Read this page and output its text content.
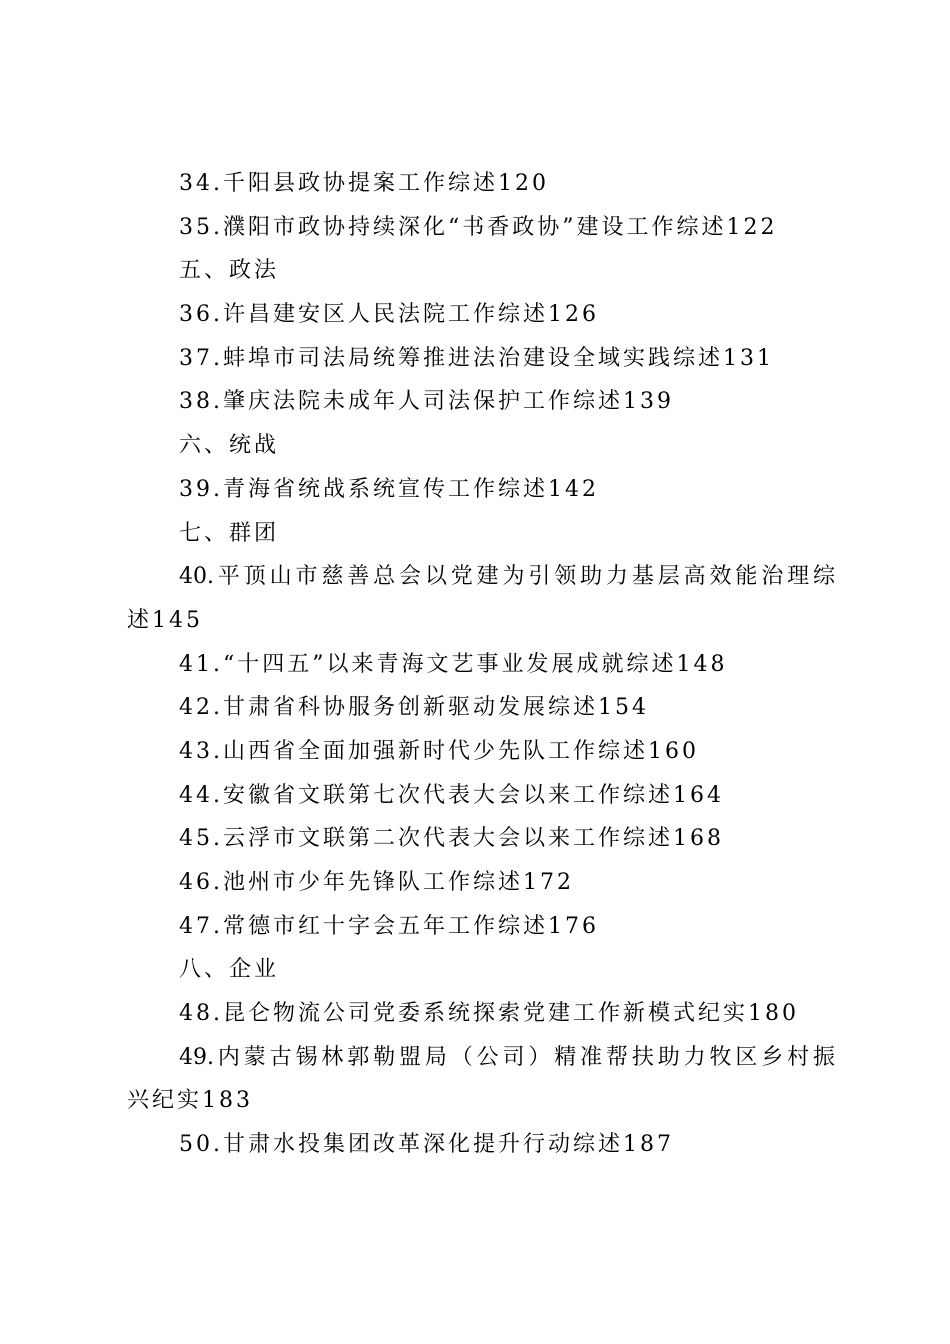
34.千阳县政协提案工作综述120
35.濮阳市政协持续深化“书香政协”建设工作综述122
五、政法
36.许昌建安区人民法院工作综述126
37.蚌埠市司法局统筹推进法治建设全域实践综述131
38.肇庆法院未成年人司法保护工作综述139
六、统战
39.青海省统战系统宣传工作综述142
七、群团
40.平顶山市慈善总会以党建为引领助力基层高效能治理综
述145
41.“十四五”以来青海文艺事业发展成就综述148
42.甘肃省科协服务创新驱动发展综述154
43.山西省全面加强新时代少先队工作综述160
44.安徽省文联第七次代表大会以来工作综述164
45.云浮市文联第二次代表大会以来工作综述168
46.池州市少年先锋队工作综述172
47.常德市红十字会五年工作综述176
八、企业
48.昆仑物流公司党委系统探索党建工作新模式纪实180
49.内蒙古锡林郭勒盟局（公司）精准帮扶助力牧区乡村振
兴纪实183
50.甘肃水投集团改革深化提升行动综述187
